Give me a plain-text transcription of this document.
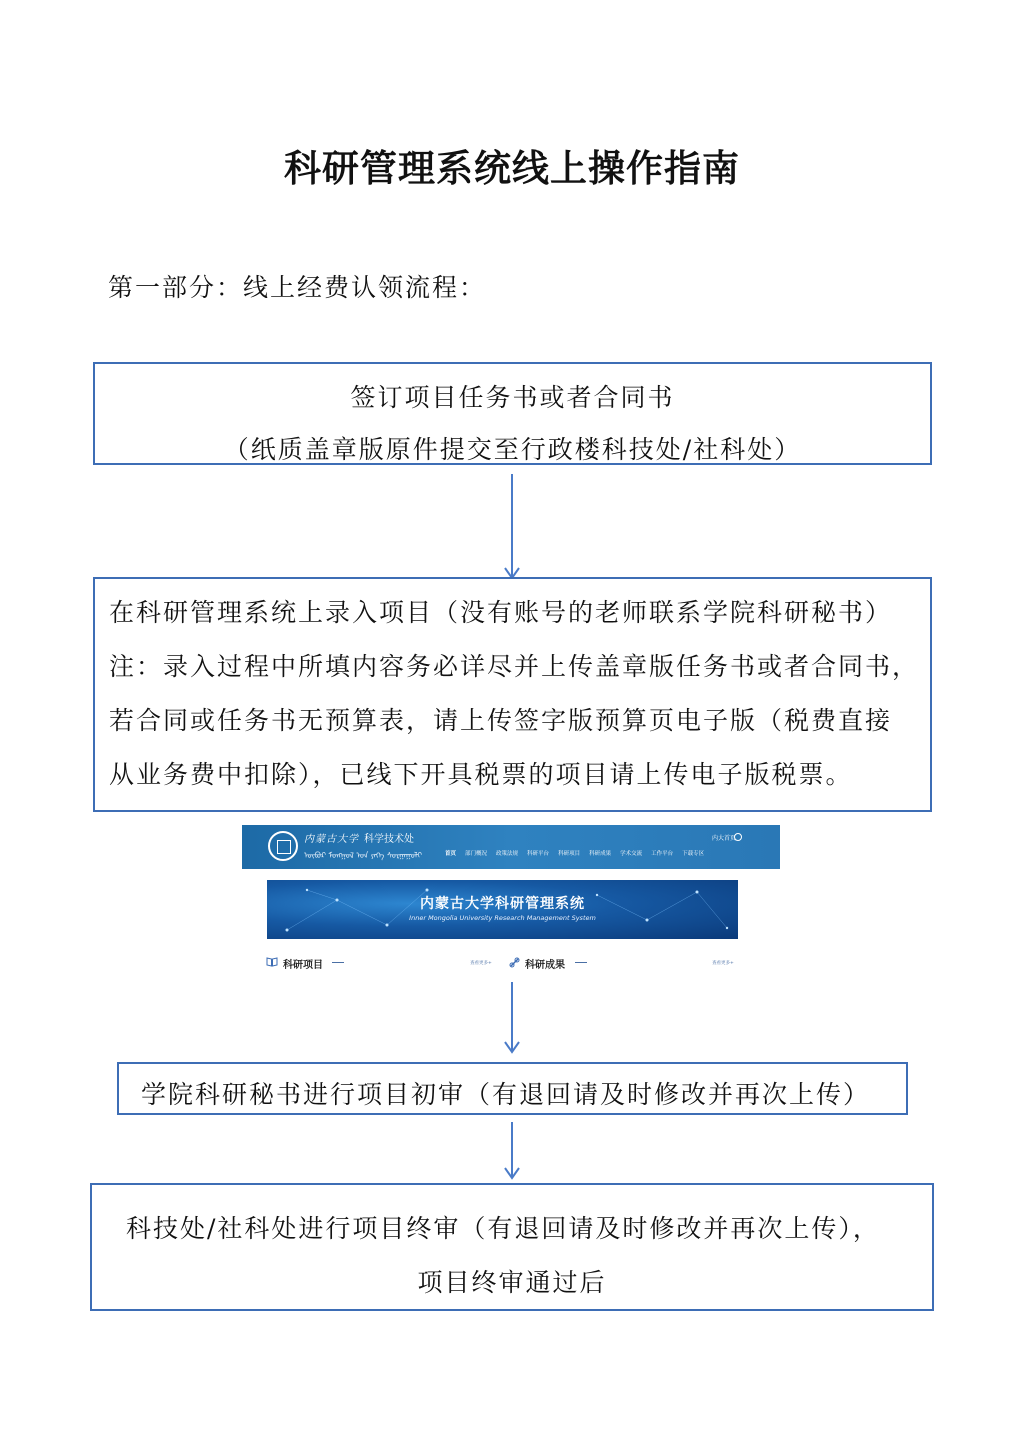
科研管理系统线上操作指南
第一部分：线上经费认领流程：
签订项目任务书或者合同书
（纸质盖章版原件提交至行政楼科技处/社科处）
在科研管理系统上录入项目（没有账号的老师联系学院科研秘书）
注：录入过程中所填内容务必详尽并上传盖章版任务书或者合同书，
若合同或任务书无预算表，请上传签字版预算页电子版（税费直接
从业务费中扣除），已线下开具税票的项目请上传电子版税票。
内蒙古大学 科学技术处
ᠥᠪᠦᠷ ᠮᠣᠩᠭᠣᠯ ᠤᠨ ᠶᠡᠬᠡ ᠰᠤᠷᠭᠠᠭᠤᠯᠢ
内大首页
首页 部门概况 政策法规 科研平台 科研项目 科研成果 学术交流 工作平台 下载专区
内蒙古大学科研管理系统
Inner Mongolia University Research Management System
科研项目	查看更多+	科研成果	查看更多+
学院科研秘书进行项目初审（有退回请及时修改并再次上传）
科技处/社科处进行项目终审（有退回请及时修改并再次上传），
项目终审通过后
